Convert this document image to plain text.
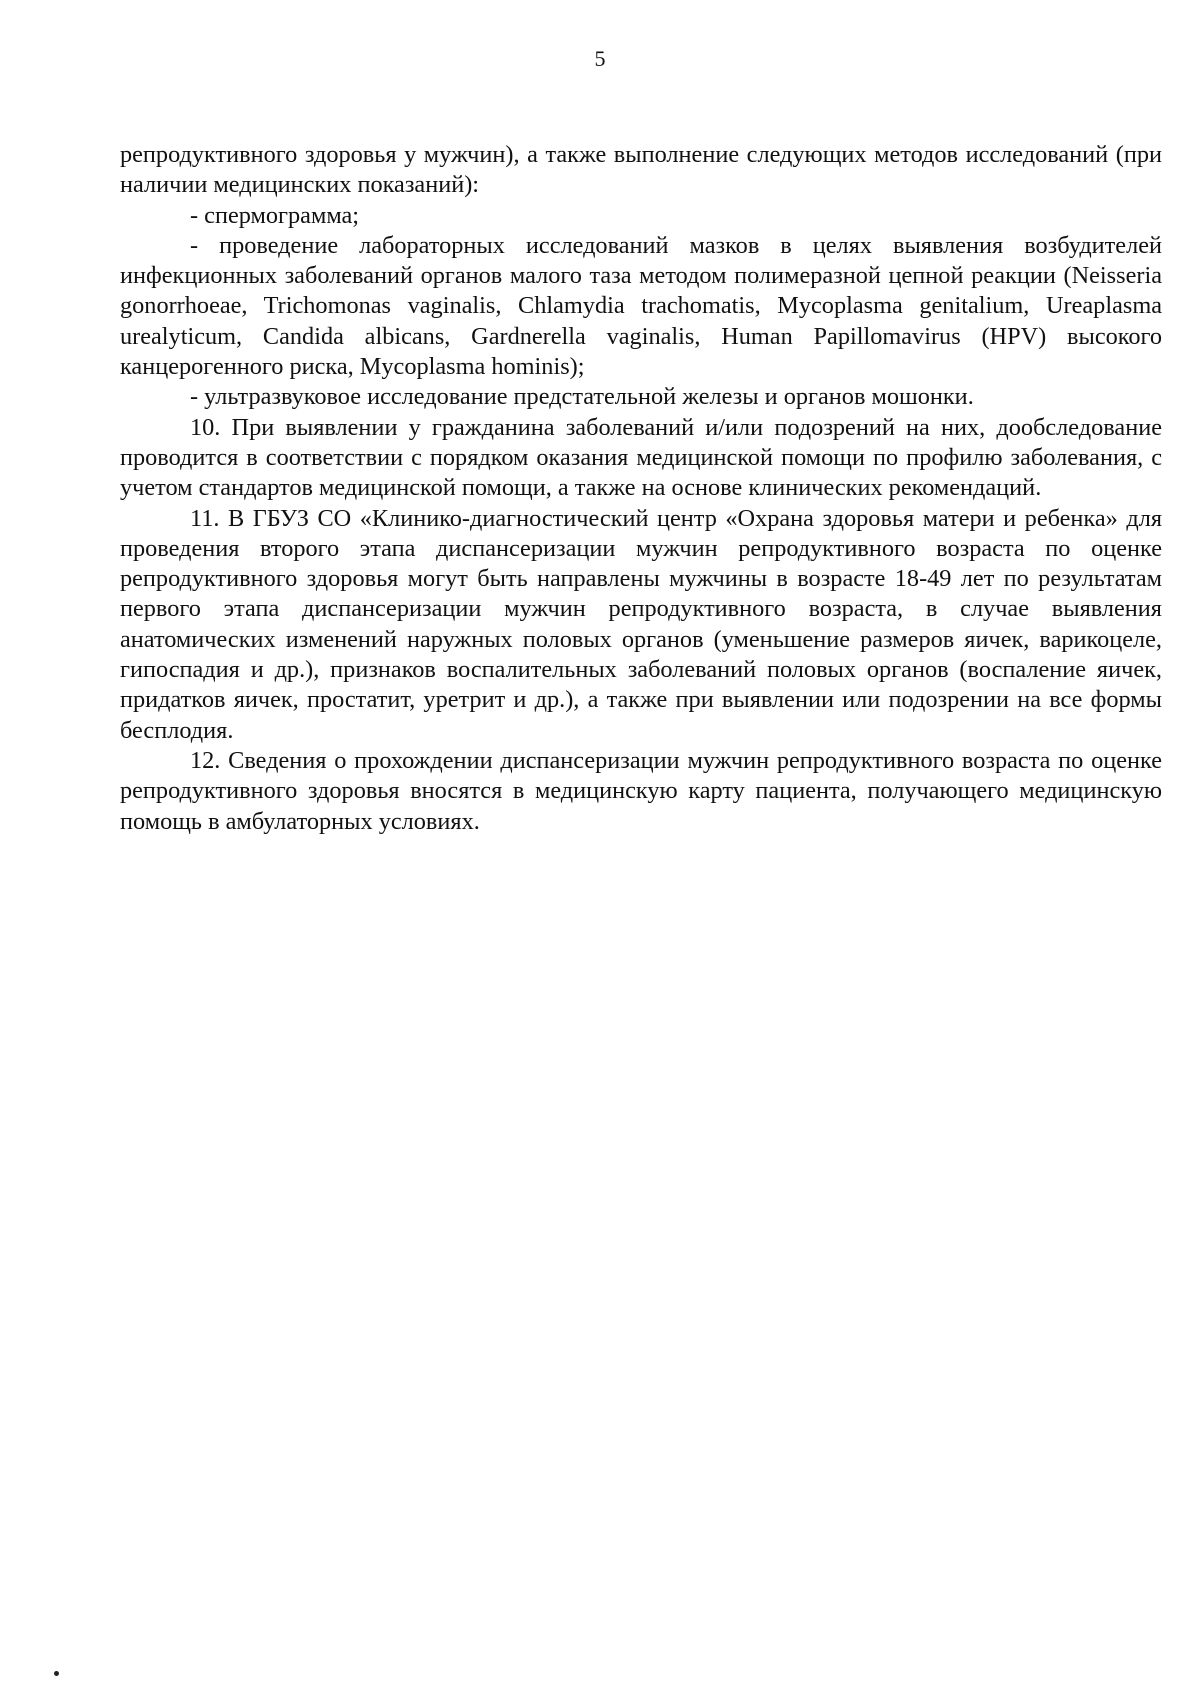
5

репродуктивного здоровья у мужчин), а также выполнение следующих методов исследований (при наличии медицинских показаний):

- спермограмма;

- проведение лабораторных исследований мазков в целях выявления возбудителей инфекционных заболеваний органов малого таза методом полимеразной цепной реакции (Neisseria gonorrhoeae, Trichomonas vaginalis, Chlamydia trachomatis, Mycoplasma genitalium, Ureaplasma urealyticum, Candida albicans, Gardnerella vaginalis, Human Papillomavirus (HPV) высокого канцерогенного риска, Mycoplasma hominis);

- ультразвуковое исследование предстательной железы и органов мошонки.

10. При выявлении у гражданина заболеваний и/или подозрений на них, дообследование проводится в соответствии с порядком оказания медицинской помощи по профилю заболевания, с учетом стандартов медицинской помощи, а также на основе клинических рекомендаций.

11. В ГБУЗ СО «Клинико-диагностический центр «Охрана здоровья матери и ребенка» для проведения второго этапа диспансеризации мужчин репродуктивного возраста по оценке репродуктивного здоровья могут быть направлены мужчины в возрасте 18-49 лет по результатам первого этапа диспансеризации мужчин репродуктивного возраста, в случае выявления анатомических изменений наружных половых органов (уменьшение размеров яичек, варикоцеле, гипоспадия и др.), признаков воспалительных заболеваний половых органов (воспаление яичек, придатков яичек, простатит, уретрит и др.), а также при выявлении или подозрении на все формы бесплодия.

12. Сведения о прохождении диспансеризации мужчин репродуктивного возраста по оценке репродуктивного здоровья вносятся в медицинскую карту пациента, получающего медицинскую помощь в амбулаторных условиях.
